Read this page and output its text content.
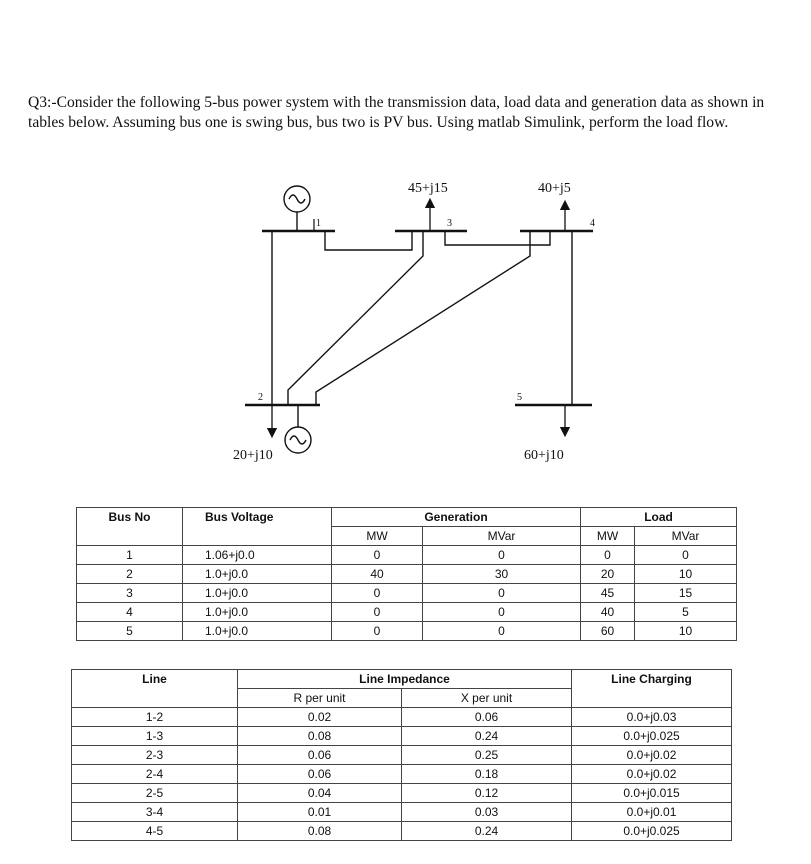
Q3:-Consider the following 5-bus power system with the transmission data, load data and generation data as shown in tables below. Assuming bus one is swing bus, bus two is PV bus. Using matlab Simulink, perform the load flow.
1
2
3	4
5
45+j15	40+j5
20+j10	60+j10
Bus No	Bus Voltage	Generation		Load	
		MW	MVar	MW	MVar
1	1.06+j0.0	0	0	0	0
2	1.0+j0.0	40	30	20	10
3	1.0+j0.0	0	0	45	15
4	1.0+j0.0	0	0	40	5
5	1.0+j0.0	0	0	60	10
Line	Line Impedance		Line Charging
	R per unit	X per unit	
1-2	0.02	0.06	0.0+j0.03
1-3	0.08	0.24	0.0+j0.025
2-3	0.06	0.25	0.0+j0.02
2-4	0.06	0.18	0.0+j0.02
2-5	0.04	0.12	0.0+j0.015
3-4	0.01	0.03	0.0+j0.01
4-5	0.08	0.24	0.0+j0.025
